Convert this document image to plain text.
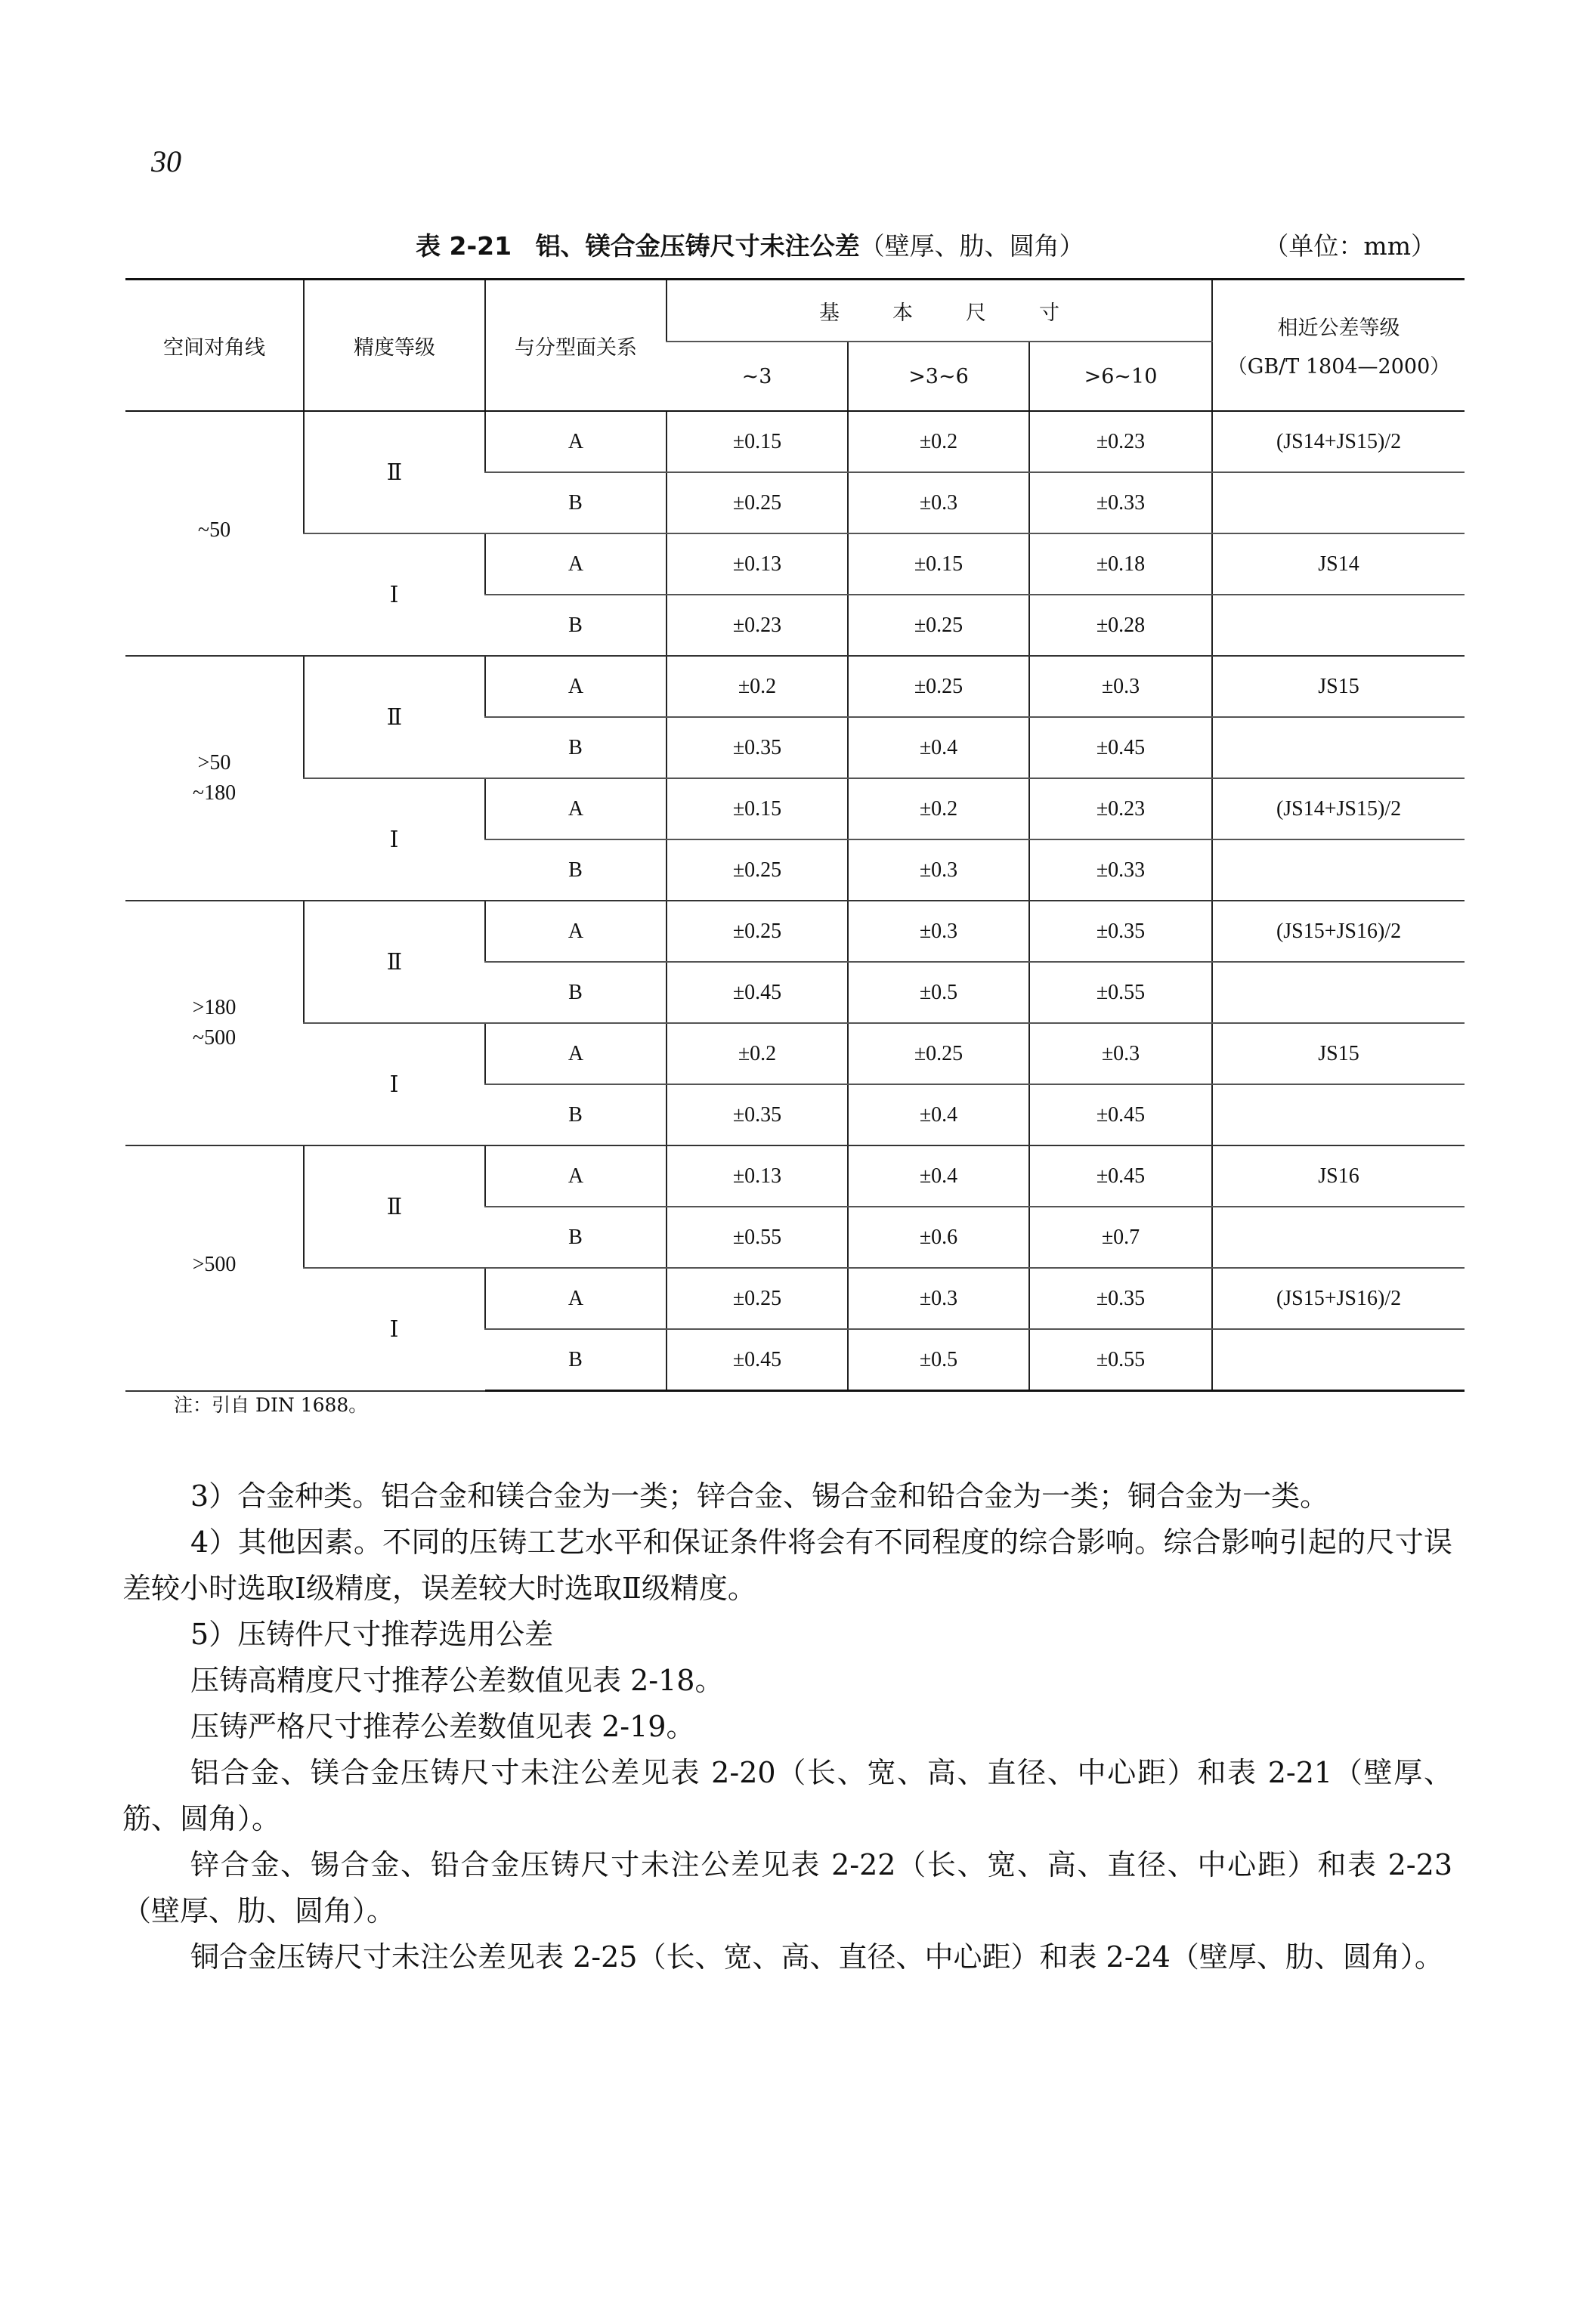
30
表 2-21 铝、镁合金压铸尺寸未注公差（壁厚、肋、圆角）	（单位：mm）
空间对角线	精度等级	与分型面关系	基本尺寸			相近公差等级
（GB/T 1804—2000）

			~3	>3~6	>6~10	

~50	Ⅱ	A	±0.15	±0.2	±0.23	(JS14+JS15)/2
		B	±0.25	±0.3	±0.33	
	Ⅰ	A	±0.13	±0.15	±0.18	JS14
		B	±0.23	±0.25	±0.28	

>50
~180	Ⅱ	A	±0.2	±0.25	±0.3	JS15
		B	±0.35	±0.4	±0.45	
	Ⅰ	A	±0.15	±0.2	±0.23	(JS14+JS15)/2
		B	±0.25	±0.3	±0.33	

>180
~500	Ⅱ	A	±0.25	±0.3	±0.35	(JS15+JS16)/2
		B	±0.45	±0.5	±0.55	
	Ⅰ	A	±0.2	±0.25	±0.3	JS15
		B	±0.35	±0.4	±0.45	

>500	Ⅱ	A	±0.13	±0.4	±0.45	JS16
		B	±0.55	±0.6	±0.7	
	Ⅰ	A	±0.25	±0.3	±0.35	(JS15+JS16)/2
		B	±0.45	±0.5	±0.55	
注：引自 DIN 1688。

3）合金种类。铝合金和镁合金为一类；锌合金、锡合金和铅合金为一类；铜合金为一类。

4）其他因素。不同的压铸工艺水平和保证条件将会有不同程度的综合影响。综合影响引起的尺寸误差较小时选取Ⅰ级精度，误差较大时选取Ⅱ级精度。

5）压铸件尺寸推荐选用公差

压铸高精度尺寸推荐公差数值见表 2-18。

压铸严格尺寸推荐公差数值见表 2-19。

铝合金、镁合金压铸尺寸未注公差见表 2-20（长、宽、高、直径、中心距）和表 2-21（壁厚、筋、圆角）。

锌合金、锡合金、铅合金压铸尺寸未注公差见表 2-22（长、宽、高、直径、中心距）和表 2-23（壁厚、肋、圆角）。

铜合金压铸尺寸未注公差见表 2-25（长、宽、高、直径、中心距）和表 2-24（壁厚、肋、圆角）。
